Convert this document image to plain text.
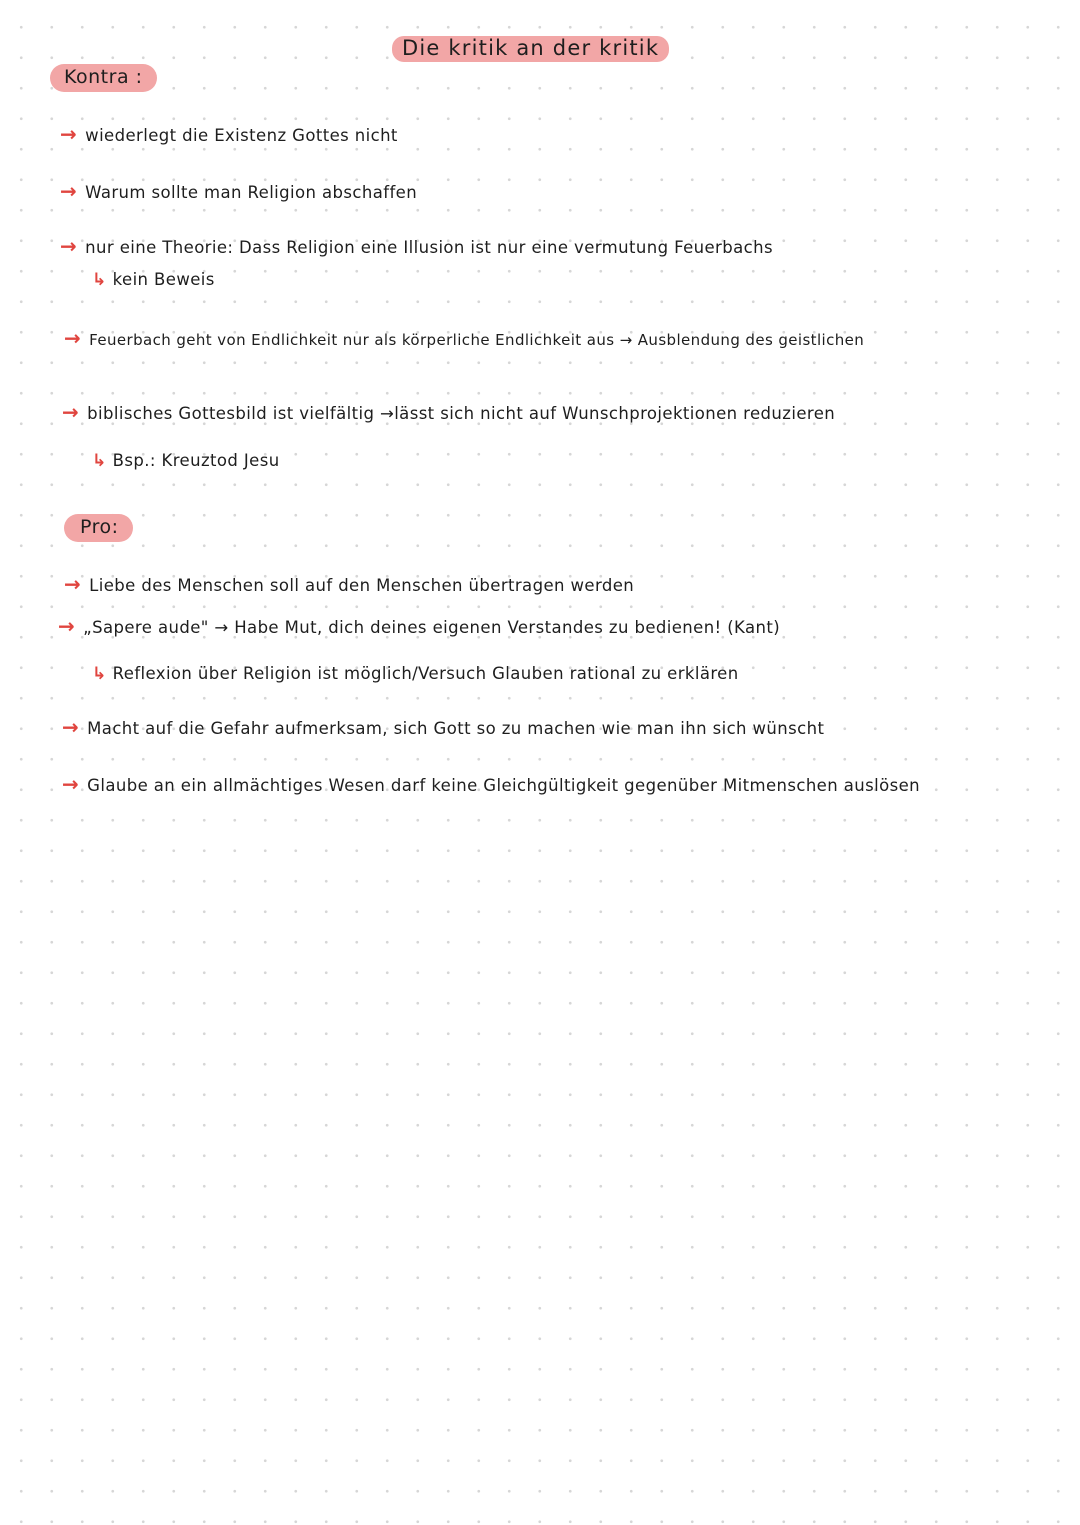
Die kritik an der kritik
Kontra :
→ wiederlegt die Existenz Gottes nicht
→ Warum sollte man Religion abschaffen
→ nur eine Theorie: Dass Religion eine Illusion ist nur eine vermutung Feuerbachs
↳ kein Beweis
→ Feuerbach geht von Endlichkeit nur als körperliche Endlichkeit aus → Ausblendung des geistlichen
→ biblisches Gottesbild ist vielfältig →lässt sich nicht auf Wunschprojektionen reduzieren
↳ Bsp.: Kreuztod Jesu
Pro:
→ Liebe des Menschen soll auf den Menschen übertragen werden
→ „Sapere aude" → Habe Mut, dich deines eigenen Verstandes zu bedienen! (Kant)
↳ Reflexion über Religion ist möglich/Versuch Glauben rational zu erklären
→ Macht auf die Gefahr aufmerksam, sich Gott so zu machen wie man ihn sich wünscht
→ Glaube an ein allmächtiges Wesen darf keine Gleichgültigkeit gegenüber Mitmenschen auslösen
